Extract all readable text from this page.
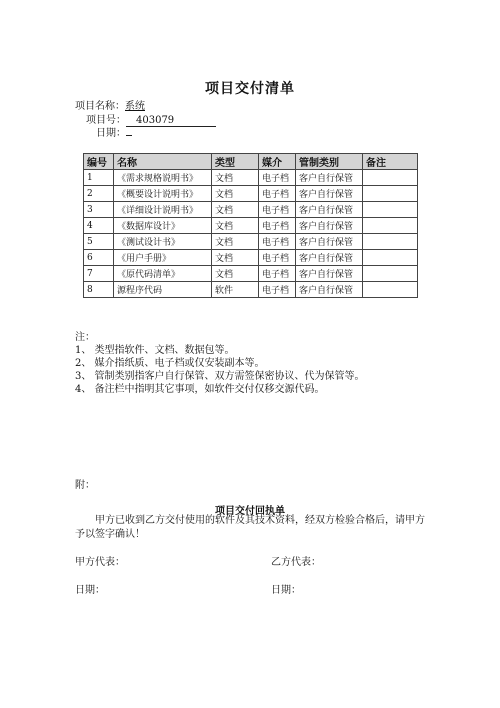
项目交付清单
项目名称：系统
项目号： 403079
日期：
编号	名称	类型	媒介	管制类别	备注
1	《需求规格说明书》	文档	电子档	客户自行保管	
2	《概要设计说明书》	文档	电子档	客户自行保管	
3	《详细设计说明书》	文档	电子档	客户自行保管	
4	《数据库设计》	文档	电子档	客户自行保管	
5	《测试设计书》	文档	电子档	客户自行保管	
6	《用户手册》	文档	电子档	客户自行保管	
7	《原代码清单》	文档	电子档	客户自行保管	
8	源程序代码	软件	电子档	客户自行保管	
注：
1、 类型指软件、文档、数据包等。
2、 媒介指纸质、电子档或仅安装副本等。
3、 管制类别指客户自行保管、双方需签保密协议、代为保管等。
4、 备注栏中指明其它事项，如软件交付仅移交源代码。
附：
项目交付回执单
甲方已收到乙方交付使用的软件及其技术资料，经双方检验合格后，请甲方予以签字确认！
甲方代表：	乙方代表：
日期：	日期：
